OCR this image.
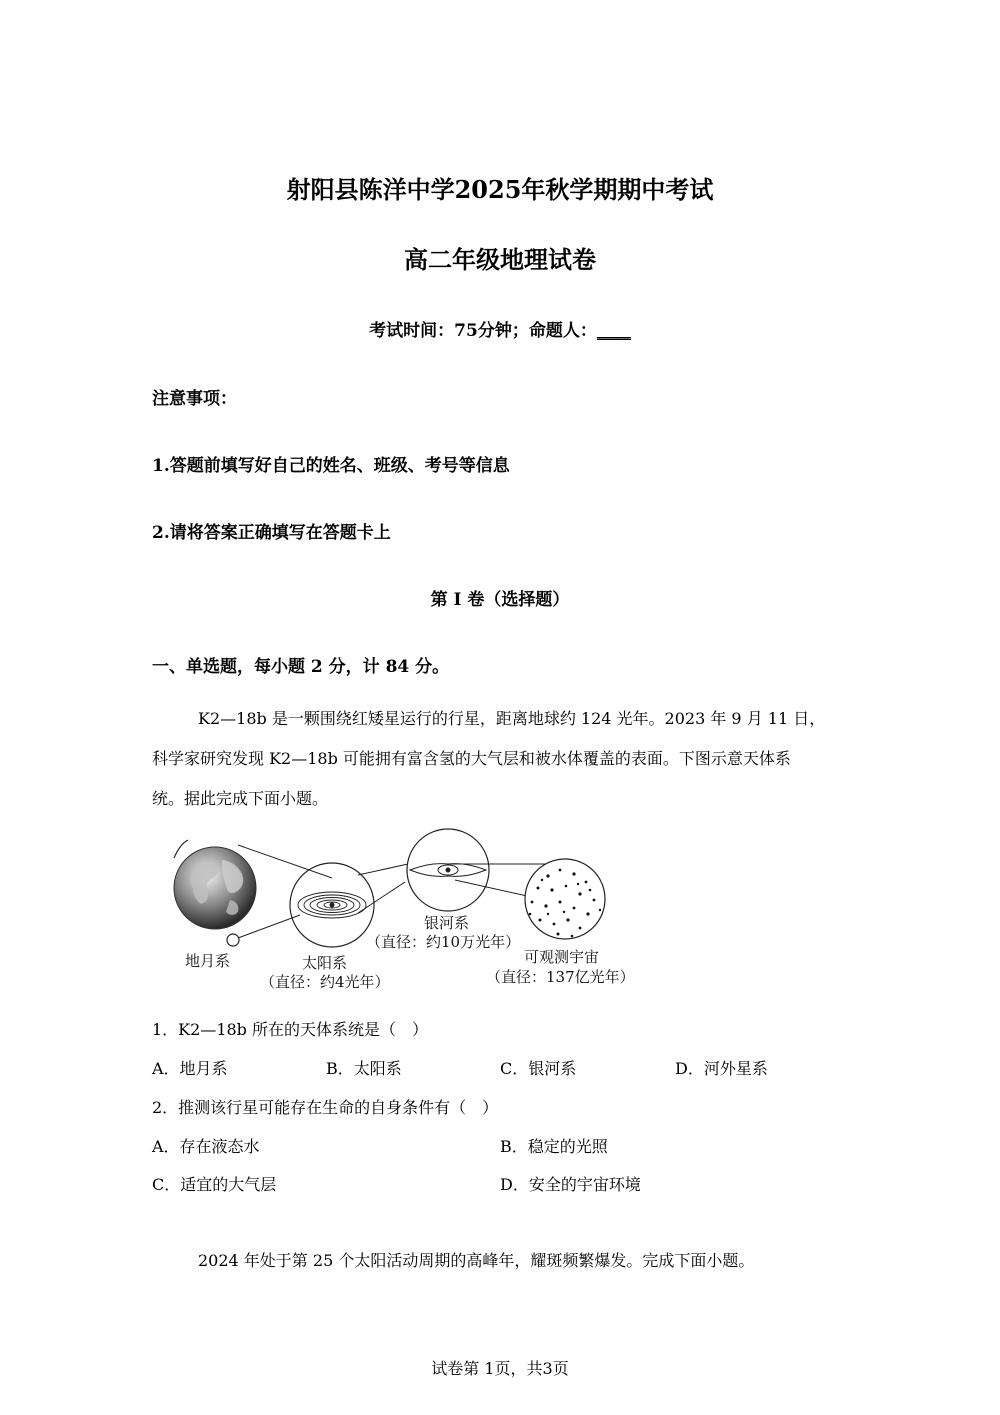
射阳县陈洋中学2025年秋学期期中考试
高二年级地理试卷
考试时间：75分钟；命题人：____
注意事项：
1.答题前填写好自己的姓名、班级、考号等信息
2.请将答案正确填写在答题卡上
第 I 卷（选择题）
一、单选题，每小题 2 分，计 84 分。
K2—18b 是一颗围绕红矮星运行的行星，距离地球约 124 光年。2023 年 9 月 11 日，
科学家研究发现 K2—18b 可能拥有富含氢的大气层和被水体覆盖的表面。下图示意天体系
统。据此完成下面小题。
地月系	太阳系
（直径：约4光年）
银河系
（直径：约10万光年）
可观测宇宙
（直径：137亿光年）
1．K2—18b 所在的天体系统是（　）
A．地月系	B．太阳系	C．银河系	D．河外星系
2．推测该行星可能存在生命的自身条件有（　）
A．存在液态水	B．稳定的光照
C．适宜的大气层	D．安全的宇宙环境
2024 年处于第 25 个太阳活动周期的高峰年，耀斑频繁爆发。完成下面小题。
试卷第 1页，共3页
